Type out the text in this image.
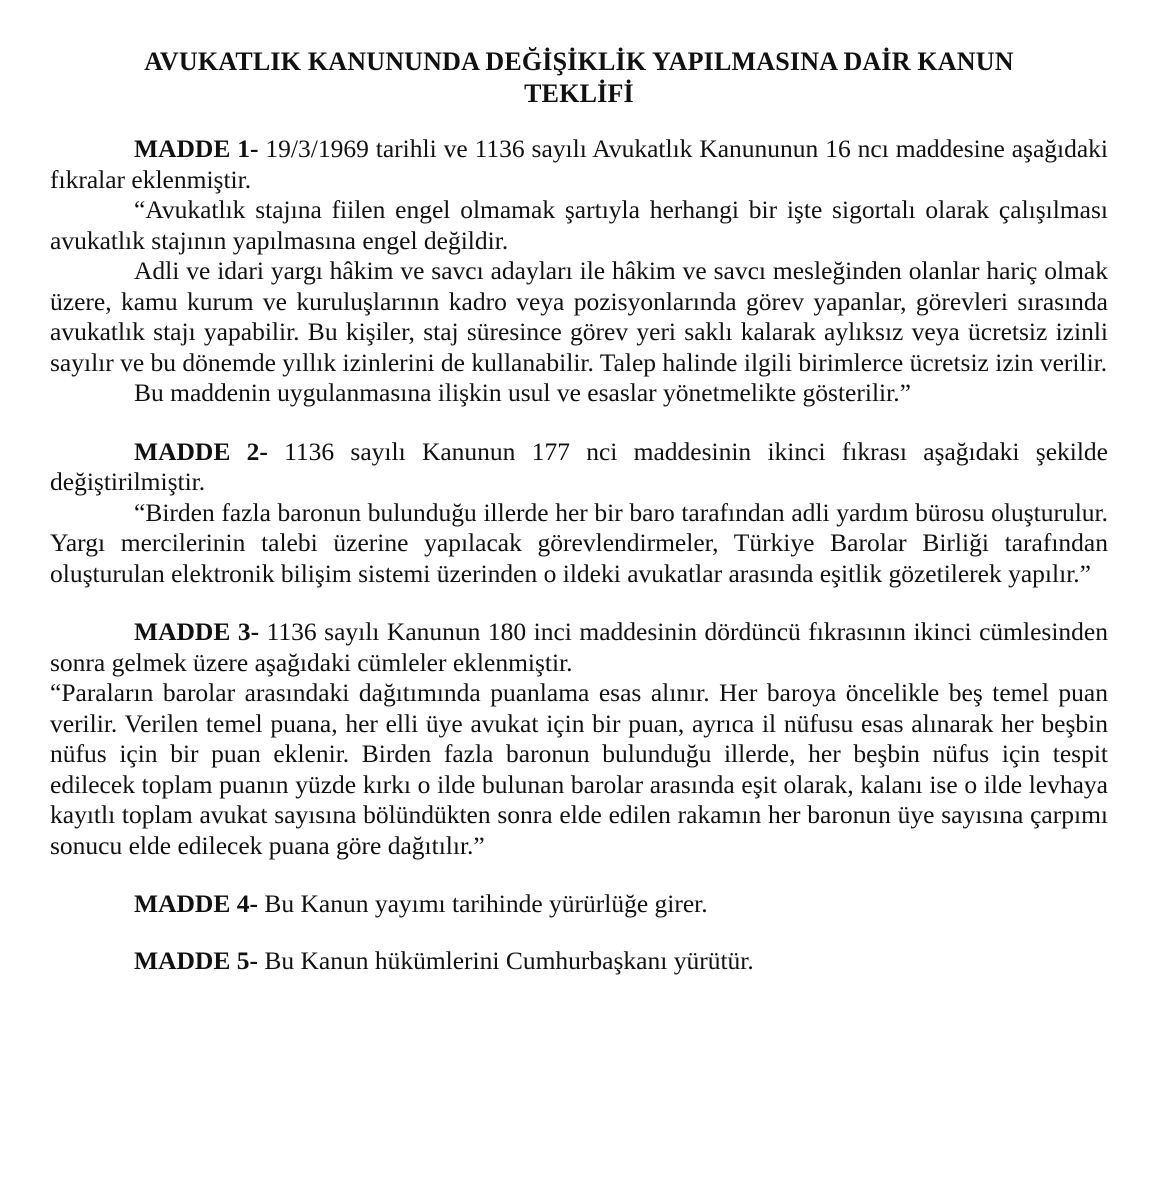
AVUKATLIK KANUNUNDA DEĞİŞİKLİK YAPILMASINA DAİR KANUN
TEKLİFİ

MADDE 1- 19/3/1969 tarihli ve 1136 sayılı Avukatlık Kanununun 16 ncı maddesine aşağıdaki fıkralar eklenmiştir.

“Avukatlık stajına fiilen engel olmamak şartıyla herhangi bir işte sigortalı olarak çalışılması avukatlık stajının yapılmasına engel değildir.

Adli ve idari yargı hâkim ve savcı adayları ile hâkim ve savcı mesleğinden olanlar hariç olmak üzere, kamu kurum ve kuruluşlarının kadro veya pozisyonlarında görev yapanlar, görevleri sırasında avukatlık stajı yapabilir. Bu kişiler, staj süresince görev yeri saklı kalarak aylıksız veya ücretsiz izinli sayılır ve bu dönemde yıllık izinlerini de kullanabilir. Talep halinde ilgili birimlerce ücretsiz izin verilir.

Bu maddenin uygulanmasına ilişkin usul ve esaslar yönetmelikte gösterilir.”

MADDE 2- 1136 sayılı Kanunun 177 nci maddesinin ikinci fıkrası aşağıdaki şekilde değiştirilmiştir.

“Birden fazla baronun bulunduğu illerde her bir baro tarafından adli yardım bürosu oluşturulur. Yargı mercilerinin talebi üzerine yapılacak görevlendirmeler, Türkiye Barolar Birliği tarafından oluşturulan elektronik bilişim sistemi üzerinden o ildeki avukatlar arasında eşitlik gözetilerek yapılır.”

MADDE 3- 1136 sayılı Kanunun 180 inci maddesinin dördüncü fıkrasının ikinci cümlesinden sonra gelmek üzere aşağıdaki cümleler eklenmiştir.

“Paraların barolar arasındaki dağıtımında puanlama esas alınır. Her baroya öncelikle beş temel puan verilir. Verilen temel puana, her elli üye avukat için bir puan, ayrıca il nüfusu esas alınarak her beşbin nüfus için bir puan eklenir. Birden fazla baronun bulunduğu illerde, her beşbin nüfus için tespit edilecek toplam puanın yüzde kırkı o ilde bulunan barolar arasında eşit olarak, kalanı ise o ilde levhaya kayıtlı toplam avukat sayısına bölündükten sonra elde edilen rakamın her baronun üye sayısına çarpımı sonucu elde edilecek puana göre dağıtılır.”

MADDE 4- Bu Kanun yayımı tarihinde yürürlüğe girer.

MADDE 5- Bu Kanun hükümlerini Cumhurbaşkanı yürütür.
